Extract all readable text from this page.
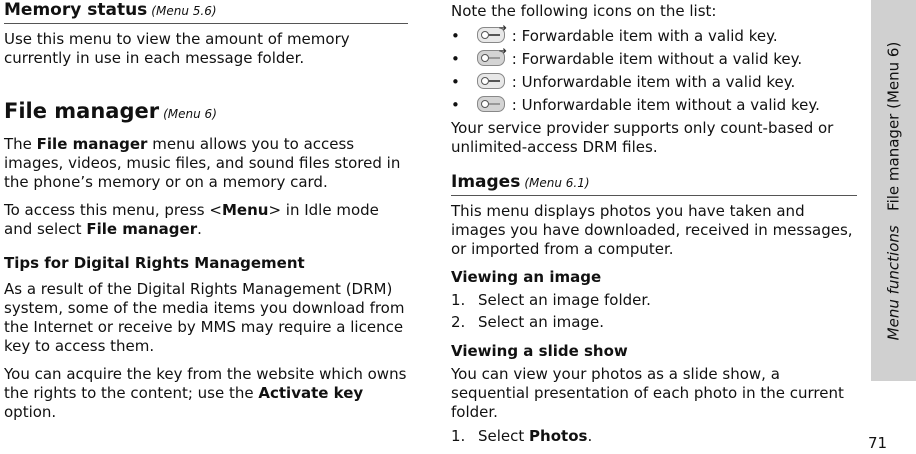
Memory status (Menu 5.6)

Use this menu to view the amount of memory currently in use in each message folder.

File manager (Menu 6)

The File manager menu allows you to access images, videos, music files, and sound files stored in the phone’s memory or on a memory card.

To access this menu, press <Menu> in Idle mode and select File manager.

Tips for Digital Rights Management

As a result of the Digital Rights Management (DRM) system, some of the media items you download from the Internet or receive by MMS may require a licence key to access them.

You can acquire the key from the website which owns the rights to the content; use the Activate key option.

Note the following icons on the list:

•	➜ : Forwardable item with a valid key.
•	➜ : Forwardable item without a valid key.
•	: Unforwardable item with a valid key.
•	: Unforwardable item without a valid key.

Your service provider supports only count-based or unlimited-access DRM files.

Images (Menu 6.1)

This menu displays photos you have taken and images you have downloaded, received in messages, or imported from a computer.

Viewing an image
1. Select an image folder.
2. Select an image.
Viewing a slide show

You can view your photos as a slide show, a sequential presentation of each photo in the current folder.

1. Select Photos.
Menu functions   File manager (Menu 6)
71
